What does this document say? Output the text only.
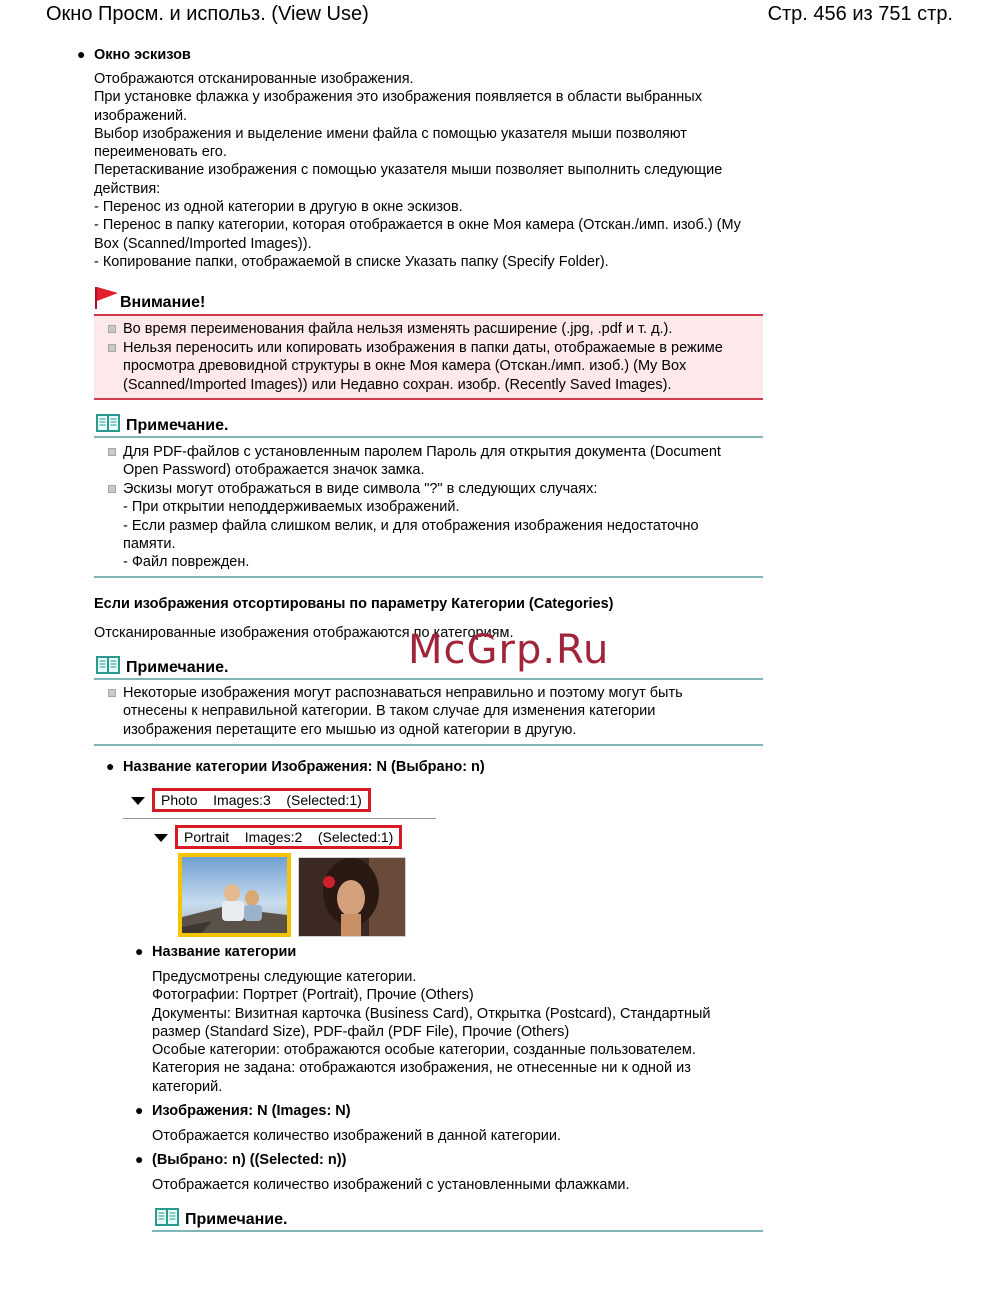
Окно Просм. и использ. (View Use)	Стр. 456 из 751 стр.
● Окно эскизов
Отображаются отсканированные изображения.
При установке флажка у изображения это изображения появляется в области выбранных
изображений.
Выбор изображения и выделение имени файла с помощью указателя мыши позволяют
переименовать его.
Перетаскивание изображения с помощью указателя мыши позволяет выполнить следующие
действия:
- Перенос из одной категории в другую в окне эскизов.
- Перенос в папку категории, которая отображается в окне Моя камера (Отскан./имп. изоб.) (My
Box (Scanned/Imported Images)).
- Копирование папки, отображаемой в списке Указать папку (Specify Folder).
Внимание!
Во время переименования файла нельзя изменять расширение (.jpg, .pdf и т. д.).
Нельзя переносить или копировать изображения в папки даты, отображаемые в режиме
просмотра древовидной структуры в окне Моя камера (Отскан./имп. изоб.) (My Box
(Scanned/Imported Images)) или Недавно сохран. изобр. (Recently Saved Images).
Примечание.
Для PDF-файлов с установленным паролем Пароль для открытия документа (Document
Open Password) отображается значок замка.
Эскизы могут отображаться в виде символа "?" в следующих случаях:
- При открытии неподдерживаемых изображений.
- Если размер файла слишком велик, и для отображения изображения недостаточно
памяти.
- Файл поврежден.
Если изображения отсортированы по параметру Категории (Categories)
Отсканированные изображения отображаются по категориям.
McGrp.Ru
Примечание.
Некоторые изображения могут распознаваться неправильно и поэтому могут быть
отнесены к неправильной категории. В таком случае для изменения категории
изображения перетащите его мышью из одной категории в другую.
● Название категории Изображения: N (Выбрано: n)
Photo Images:3 (Selected:1)
Portrait Images:2 (Selected:1)
● Название категории
Предусмотрены следующие категории.
Фотографии: Портрет (Portrait), Прочие (Others)
Документы: Визитная карточка (Business Card), Открытка (Postcard), Стандартный
размер (Standard Size), PDF-файл (PDF File), Прочие (Others)
Особые категории: отображаются особые категории, созданные пользователем.
Категория не задана: отображаются изображения, не отнесенные ни к одной из
категорий.
● Изображения: N (Images: N)
Отображается количество изображений в данной категории.
● (Выбрано: n) ((Selected: n))
Отображается количество изображений с установленными флажками.
Примечание.
